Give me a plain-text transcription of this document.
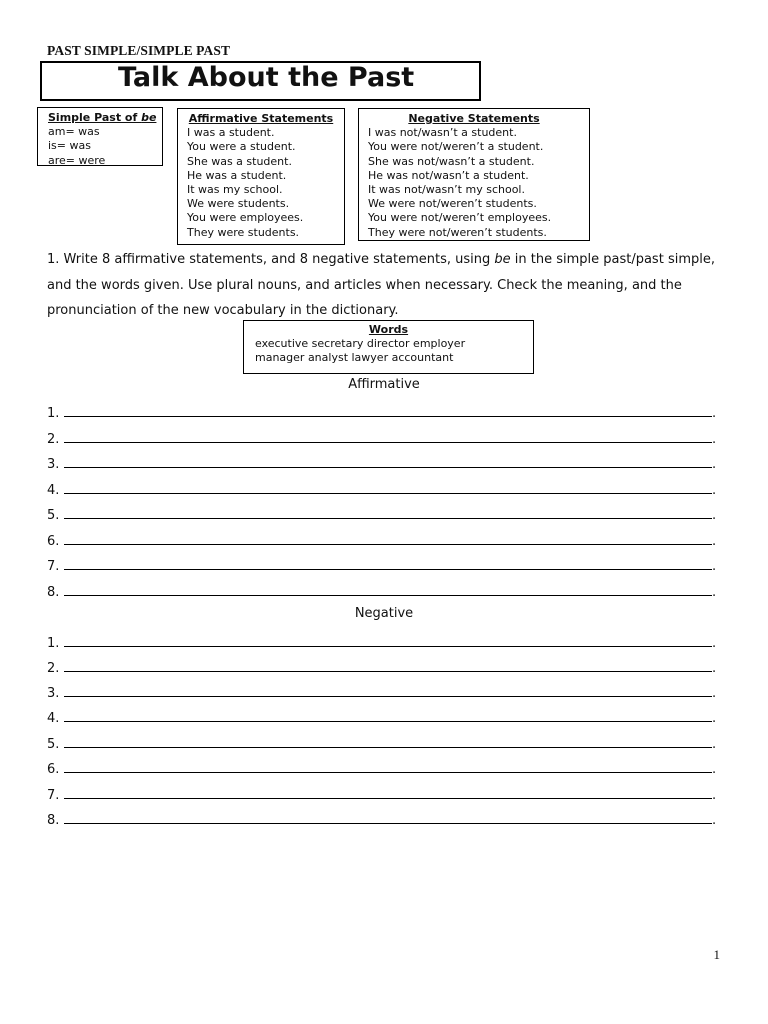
PAST SIMPLE/SIMPLE PAST
Talk About the Past
Simple Past of be
am= was
is= was
are= were
Affirmative Statements
I was a student.
You were a student.
She was a student.
He was a student.
It was my school.
We were students.
You were employees.
They were students.
Negative Statements
I was not/wasn’t a student.
You were not/weren’t a student.
She was not/wasn’t a student.
He was not/wasn’t a student.
It was not/wasn’t my school.
We were not/weren’t students.
You were not/weren’t employees.
They were not/weren’t students.
1. Write 8 affirmative statements, and 8 negative statements, using be in the simple past/past simple, and the words given. Use plural nouns, and articles when necessary. Check the meaning, and the pronunciation of the new vocabulary in the dictionary.
Words
executive secretary director employer
manager analyst lawyer accountant
Affirmative
1.	.
2.	.
3.	.
4.	.
5.	.
6.	.
7.	.
8.	.
Negative
1.	.
2.	.
3.	.
4.	.
5.	.
6.	.
7.	.
8.	.
1
